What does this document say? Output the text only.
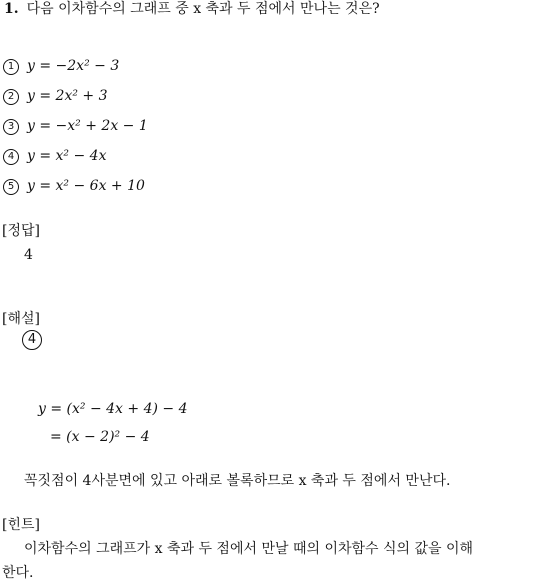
1. 다음 이차함수의 그래프 중 x 축과 두 점에서 만나는 것은?
1 y = −2x² − 3
2 y = 2x² + 3
3 y = −x² + 2x − 1
4 y = x² − 4x
5 y = x² − 6x + 10
[정답]
4
[해설]
4
y = (x² − 4x + 4) − 4
= (x − 2)² − 4
꼭짓점이 4사분면에 있고 아래로 볼록하므로 x 축과 두 점에서 만난다.
[힌트]
이차함수의 그래프가 x 축과 두 점에서 만날 때의 이차함수 식의 값을 이해
한다.
